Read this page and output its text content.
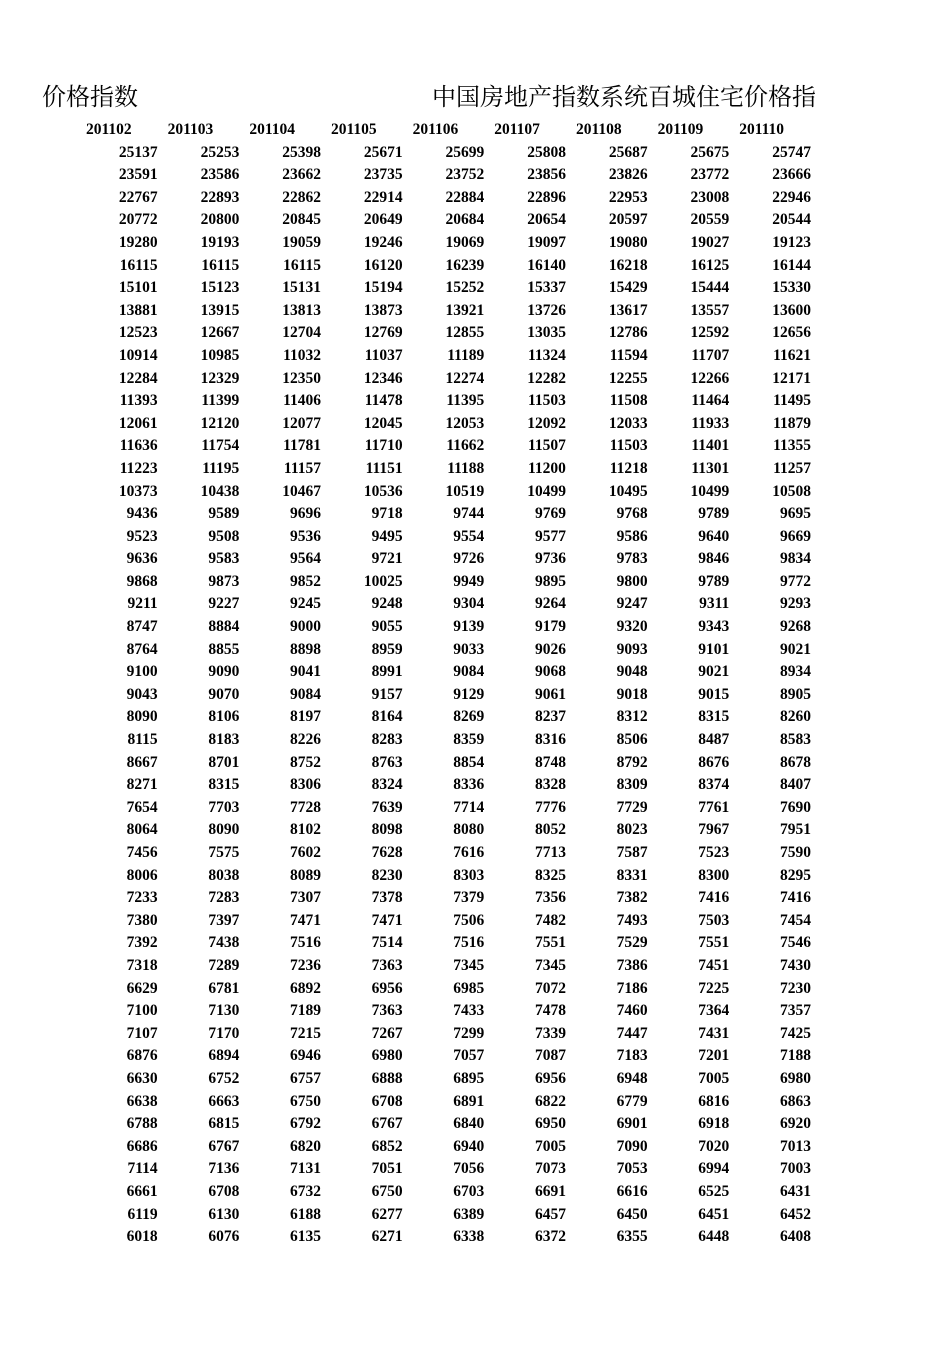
价格指数	中国房地产指数系统百城住宅价格指
201102	201103	201104	201105	201106	201107	201108	201109	201110
25137	25253	25398	25671	25699	25808	25687	25675	25747
23591	23586	23662	23735	23752	23856	23826	23772	23666
22767	22893	22862	22914	22884	22896	22953	23008	22946
20772	20800	20845	20649	20684	20654	20597	20559	20544
19280	19193	19059	19246	19069	19097	19080	19027	19123
16115	16115	16115	16120	16239	16140	16218	16125	16144
15101	15123	15131	15194	15252	15337	15429	15444	15330
13881	13915	13813	13873	13921	13726	13617	13557	13600
12523	12667	12704	12769	12855	13035	12786	12592	12656
10914	10985	11032	11037	11189	11324	11594	11707	11621
12284	12329	12350	12346	12274	12282	12255	12266	12171
11393	11399	11406	11478	11395	11503	11508	11464	11495
12061	12120	12077	12045	12053	12092	12033	11933	11879
11636	11754	11781	11710	11662	11507	11503	11401	11355
11223	11195	11157	11151	11188	11200	11218	11301	11257
10373	10438	10467	10536	10519	10499	10495	10499	10508
9436	9589	9696	9718	9744	9769	9768	9789	9695
9523	9508	9536	9495	9554	9577	9586	9640	9669
9636	9583	9564	9721	9726	9736	9783	9846	9834
9868	9873	9852	10025	9949	9895	9800	9789	9772
9211	9227	9245	9248	9304	9264	9247	9311	9293
8747	8884	9000	9055	9139	9179	9320	9343	9268
8764	8855	8898	8959	9033	9026	9093	9101	9021
9100	9090	9041	8991	9084	9068	9048	9021	8934
9043	9070	9084	9157	9129	9061	9018	9015	8905
8090	8106	8197	8164	8269	8237	8312	8315	8260
8115	8183	8226	8283	8359	8316	8506	8487	8583
8667	8701	8752	8763	8854	8748	8792	8676	8678
8271	8315	8306	8324	8336	8328	8309	8374	8407
7654	7703	7728	7639	7714	7776	7729	7761	7690
8064	8090	8102	8098	8080	8052	8023	7967	7951
7456	7575	7602	7628	7616	7713	7587	7523	7590
8006	8038	8089	8230	8303	8325	8331	8300	8295
7233	7283	7307	7378	7379	7356	7382	7416	7416
7380	7397	7471	7471	7506	7482	7493	7503	7454
7392	7438	7516	7514	7516	7551	7529	7551	7546
7318	7289	7236	7363	7345	7345	7386	7451	7430
6629	6781	6892	6956	6985	7072	7186	7225	7230
7100	7130	7189	7363	7433	7478	7460	7364	7357
7107	7170	7215	7267	7299	7339	7447	7431	7425
6876	6894	6946	6980	7057	7087	7183	7201	7188
6630	6752	6757	6888	6895	6956	6948	7005	6980
6638	6663	6750	6708	6891	6822	6779	6816	6863
6788	6815	6792	6767	6840	6950	6901	6918	6920
6686	6767	6820	6852	6940	7005	7090	7020	7013
7114	7136	7131	7051	7056	7073	7053	6994	7003
6661	6708	6732	6750	6703	6691	6616	6525	6431
6119	6130	6188	6277	6389	6457	6450	6451	6452
6018	6076	6135	6271	6338	6372	6355	6448	6408
